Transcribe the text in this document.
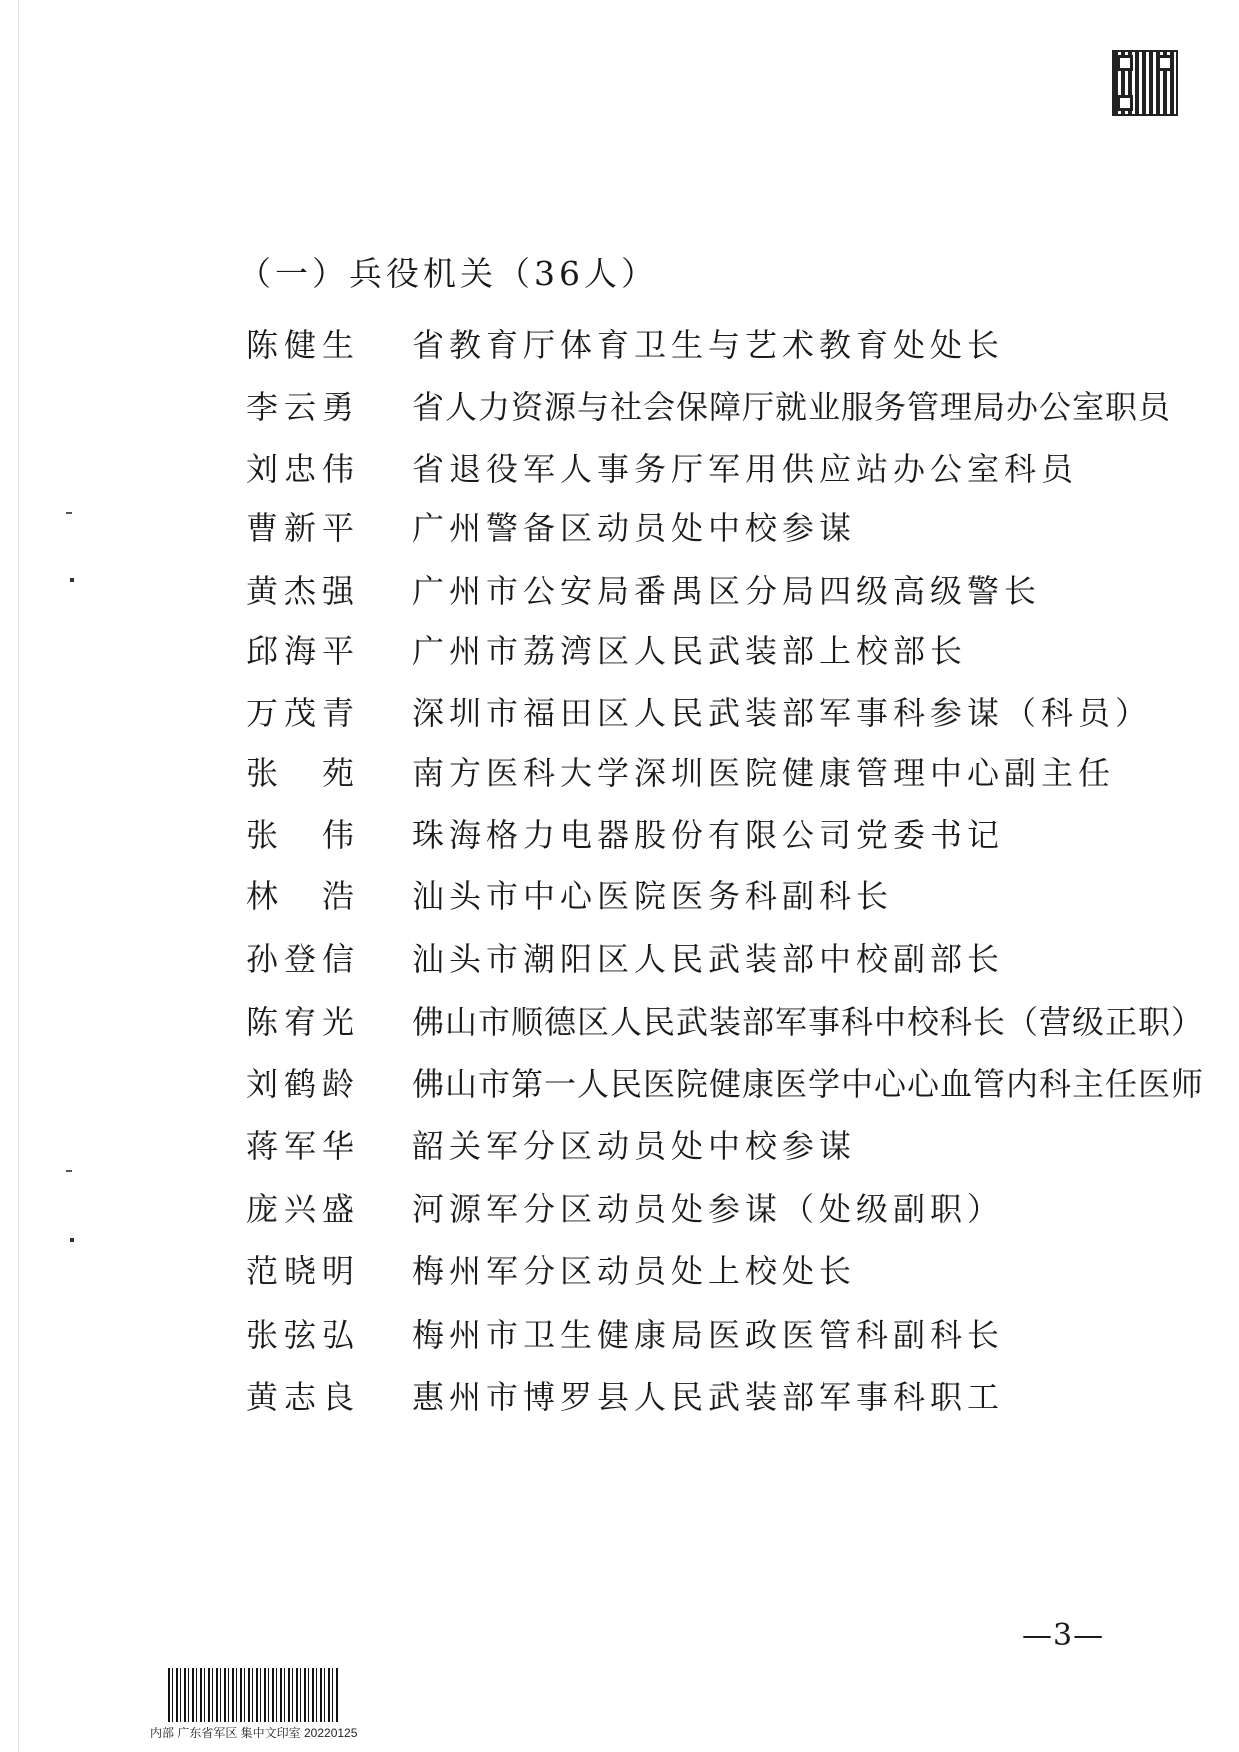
（一）兵役机关（36人）
陈健生 省教育厅体育卫生与艺术教育处处长
李云勇 省人力资源与社会保障厅就业服务管理局办公室职员
刘忠伟 省退役军人事务厅军用供应站办公室科员
曹新平 广州警备区动员处中校参谋
黄杰强 广州市公安局番禺区分局四级高级警长
邱海平 广州市荔湾区人民武装部上校部长
万茂青 深圳市福田区人民武装部军事科参谋（科员）
张　苑 南方医科大学深圳医院健康管理中心副主任
张　伟 珠海格力电器股份有限公司党委书记
林　浩 汕头市中心医院医务科副科长
孙登信 汕头市潮阳区人民武装部中校副部长
陈宥光 佛山市顺德区人民武装部军事科中校科长（营级正职）
刘鹤龄 佛山市第一人民医院健康医学中心心血管内科主任医师
蒋军华 韶关军分区动员处中校参谋
庞兴盛 河源军分区动员处参谋（处级副职）
范晓明 梅州军分区动员处上校处长
张弦弘 梅州市卫生健康局医政医管科副科长
黄志良 惠州市博罗县人民武装部军事科职工
—3—
内部 广东省军区 集中文印室 20220125
